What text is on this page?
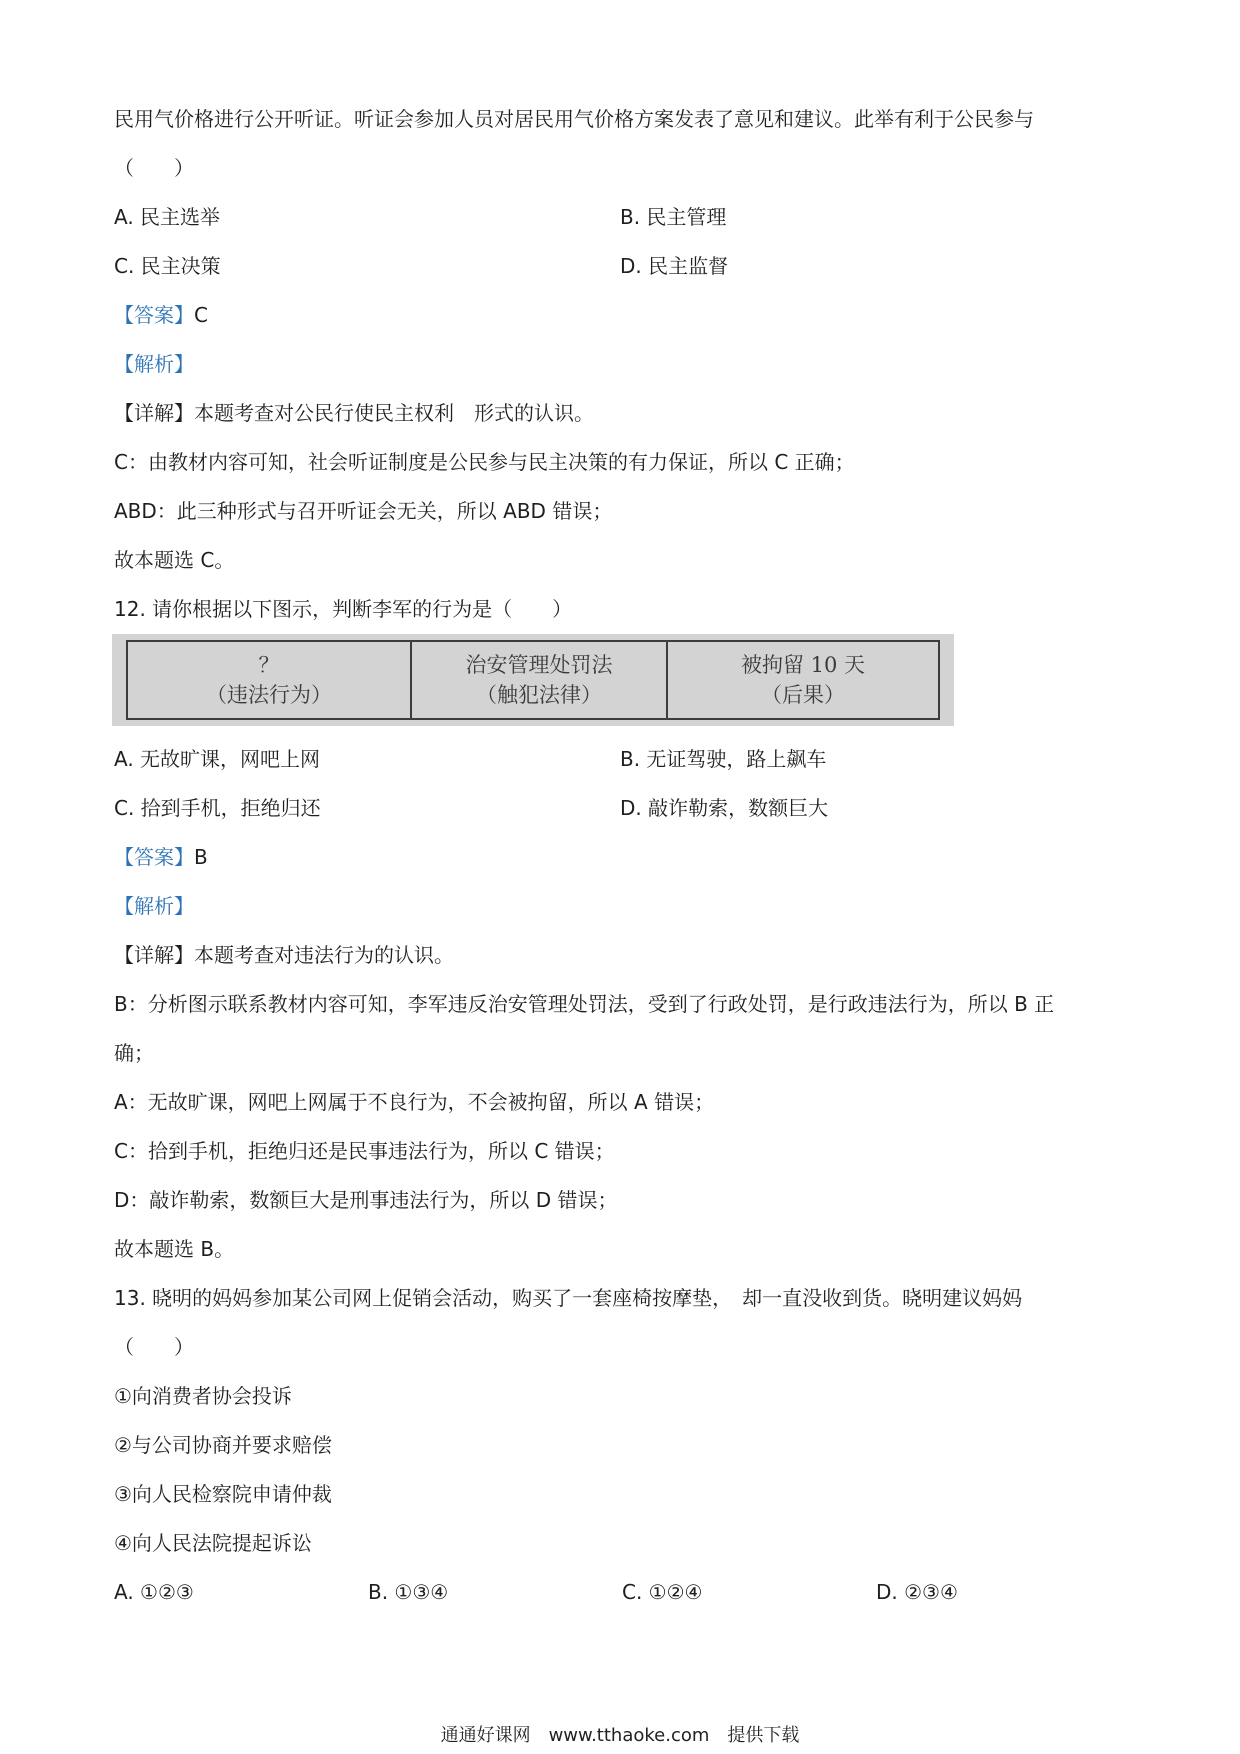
民用气价格进行公开听证。听证会参加人员对居民用气价格方案发表了意见和建议。此举有利于公民参与
（　　）
A. 民主选举	B. 民主管理
C. 民主决策	D. 民主监督
【答案】C
【解析】
【详解】本题考查对公民行使民主权利　形式的认识。
C：由教材内容可知，社会听证制度是公民参与民主决策的有力保证，所以 C 正确；
ABD：此三种形式与召开听证会无关，所以 ABD 错误；
故本题选 C。
12. 请你根据以下图示，判断李军的行为是（　　）
？
（违法行为）

治安管理处罚法
（触犯法律）

被拘留 10 天
（后果）
A. 无故旷课，网吧上网	B. 无证驾驶，路上飙车
C. 拾到手机，拒绝归还	D. 敲诈勒索，数额巨大
【答案】B
【解析】
【详解】本题考查对违法行为的认识。
B：分析图示联系教材内容可知，李军违反治安管理处罚法，受到了行政处罚，是行政违法行为，所以 B 正
确；
A：无故旷课，网吧上网属于不良行为，不会被拘留，所以 A 错误；
C：拾到手机，拒绝归还是民事违法行为，所以 C 错误；
D：敲诈勒索，数额巨大是刑事违法行为，所以 D 错误；
故本题选 B。
13. 晓明的妈妈参加某公司网上促销会活动，购买了一套座椅按摩垫，　却一直没收到货。晓明建议妈妈
（　　）
①向消费者协会投诉
②与公司协商并要求赔偿
③向人民检察院申请仲裁
④向人民法院提起诉讼
A. ①②③	B. ①③④	C. ①②④	D. ②③④
通通好课网　www.tthaoke.com　提供下载
